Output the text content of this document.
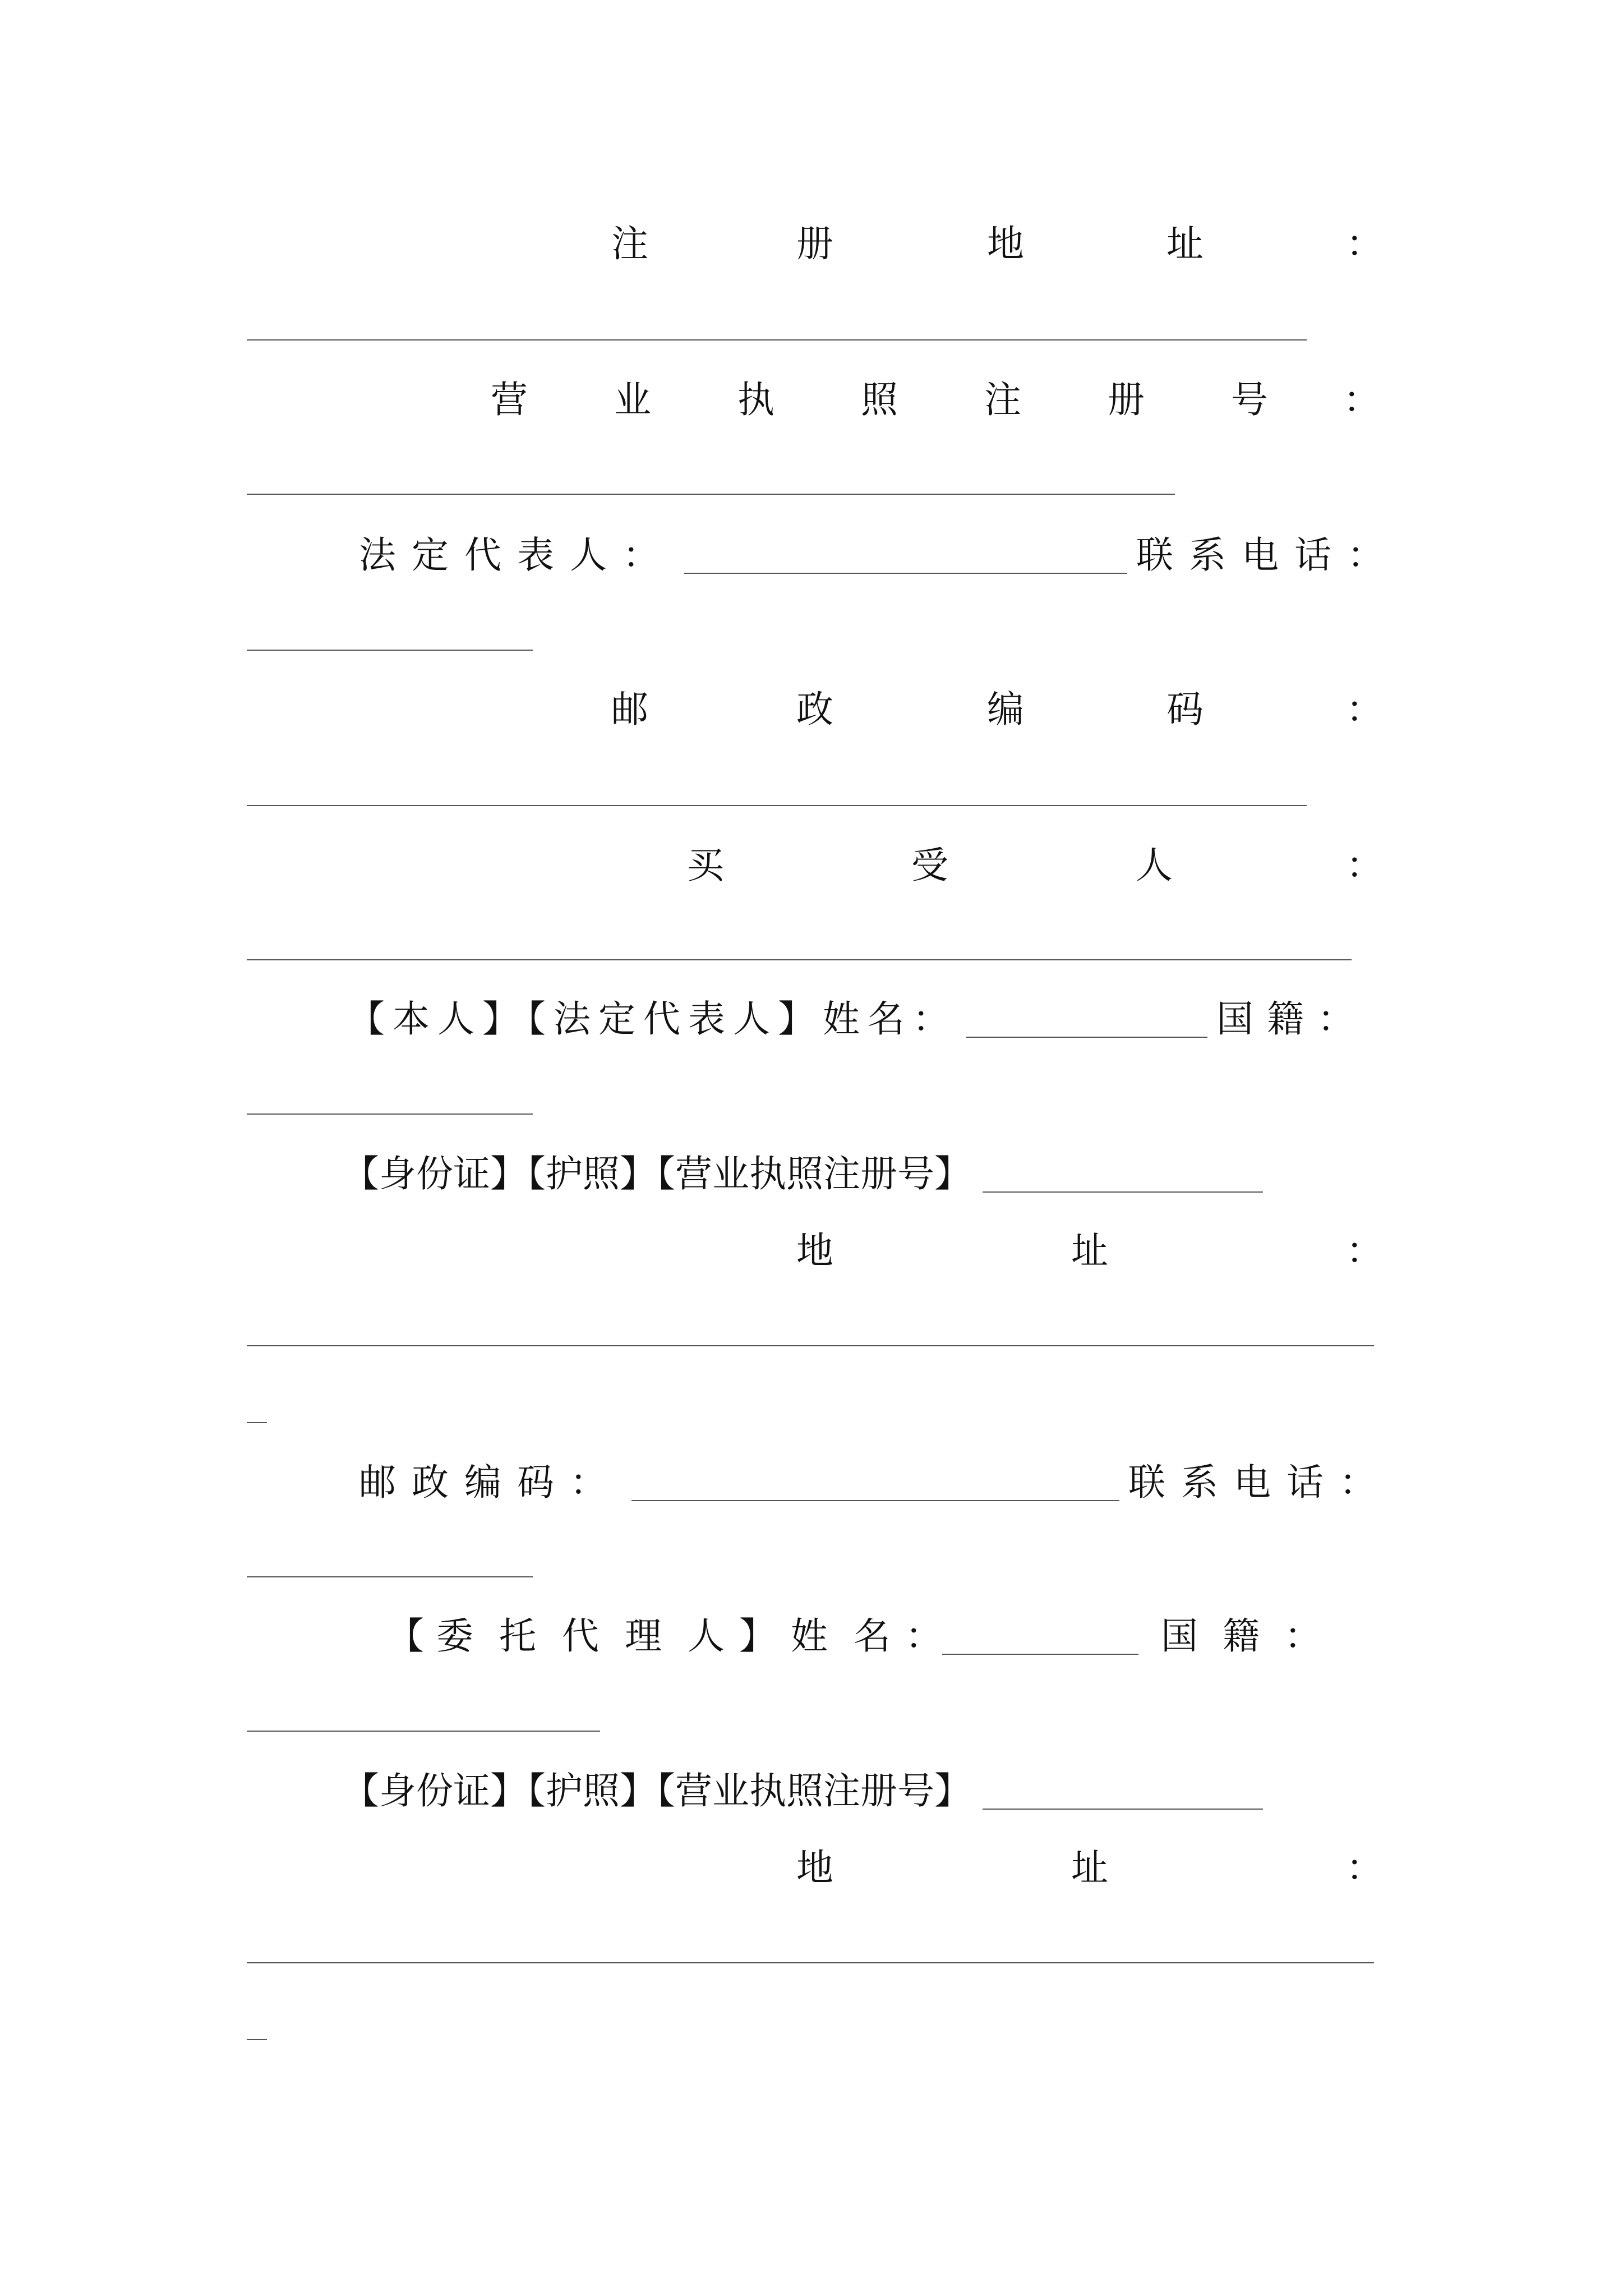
注	册	地	址	：
营	业	执	照	注	册	号	：
法定代表人：	联系电话：
邮	政	编	码	：
买	受	人	：
【本人】【法定代表人】姓名：	国籍：
【身份证】【护照】【营业执照注册号】
地	址	：
邮政编码：	联系电话：
【 委 托 代 理 人 】 姓 名 ：	国 籍 ：
【身份证】【护照】【营业执照注册号】
地	址	：
